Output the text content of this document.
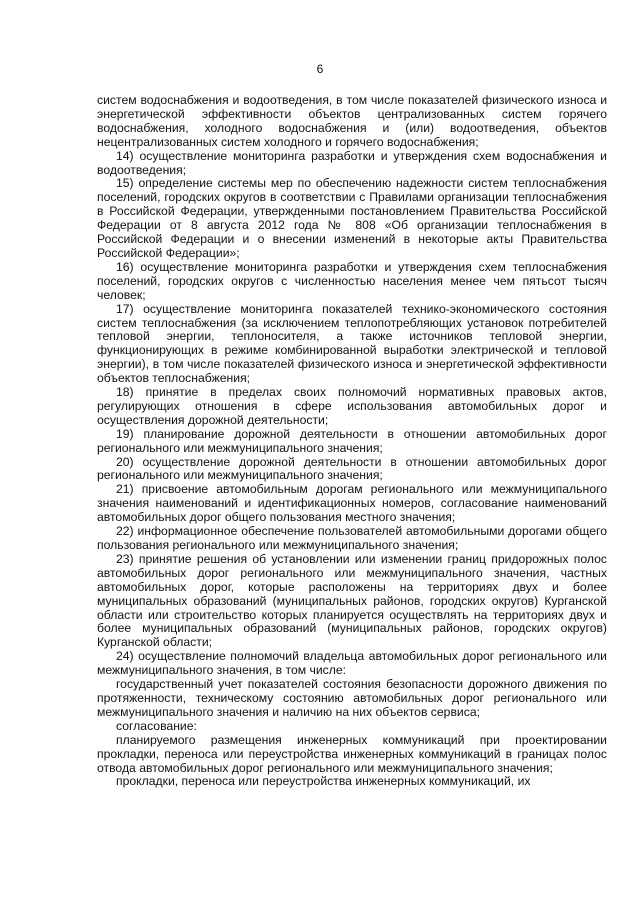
6

систем водоснабжения и водоотведения, в том числе показателей физического износа и энергетической эффективности объектов централизованных систем горячего водоснабжения, холодного водоснабжения и (или) водоотведения, объектов нецентрализованных систем холодного и горячего водоснабжения;

14) осуществление мониторинга разработки и утверждения схем водоснабжения и водоотведения;

15) определение системы мер по обеспечению надежности систем теплоснабжения поселений, городских округов в соответствии с Правилами организации теплоснабжения в Российской Федерации, утвержденными постановлением Правительства Российской Федерации от 8 августа 2012 года № 808 «Об организации теплоснабжения в Российской Федерации и о внесении изменений в некоторые акты Правительства Российской Федерации»;

16) осуществление мониторинга разработки и утверждения схем теплоснабжения поселений, городских округов с численностью населения менее чем пятьсот тысяч человек;

17) осуществление мониторинга показателей технико-экономического состояния систем теплоснабжения (за исключением теплопотребляющих установок потребителей тепловой энергии, теплоносителя, а также источников тепловой энергии, функционирующих в режиме комбинированной выработки электрической и тепловой энергии), в том числе показателей физического износа и энергетической эффективности объектов теплоснабжения;

18) принятие в пределах своих полномочий нормативных правовых актов, регулирующих отношения в сфере использования автомобильных дорог и осуществления дорожной деятельности;

19) планирование дорожной деятельности в отношении автомобильных дорог регионального или межмуниципального значения;

20) осуществление дорожной деятельности в отношении автомобильных дорог регионального или межмуниципального значения;

21) присвоение автомобильным дорогам регионального или межмуниципального значения наименований и идентификационных номеров, согласование наименований автомобильных дорог общего пользования местного значения;

22) информационное обеспечение пользователей автомобильными дорогами общего пользования регионального или межмуниципального значения;

23) принятие решения об установлении или изменении границ придорожных полос автомобильных дорог регионального или межмуниципального значения, частных автомобильных дорог, которые расположены на территориях двух и более муниципальных образований (муниципальных районов, городских округов) Курганской области или строительство которых планируется осуществлять на территориях двух и более муниципальных образований (муниципальных районов, городских округов) Курганской области;

24) осуществление полномочий владельца автомобильных дорог регионального или межмуниципального значения, в том числе:

государственный учет показателей состояния безопасности дорожного движения по протяженности, техническому состоянию автомобильных дорог регионального или межмуниципального значения и наличию на них объектов сервиса;

согласование:

планируемого размещения инженерных коммуникаций при проектировании прокладки, переноса или переустройства инженерных коммуникаций в границах полос отвода автомобильных дорог регионального или межмуниципального значения;

прокладки, переноса или переустройства инженерных коммуникаций, их
